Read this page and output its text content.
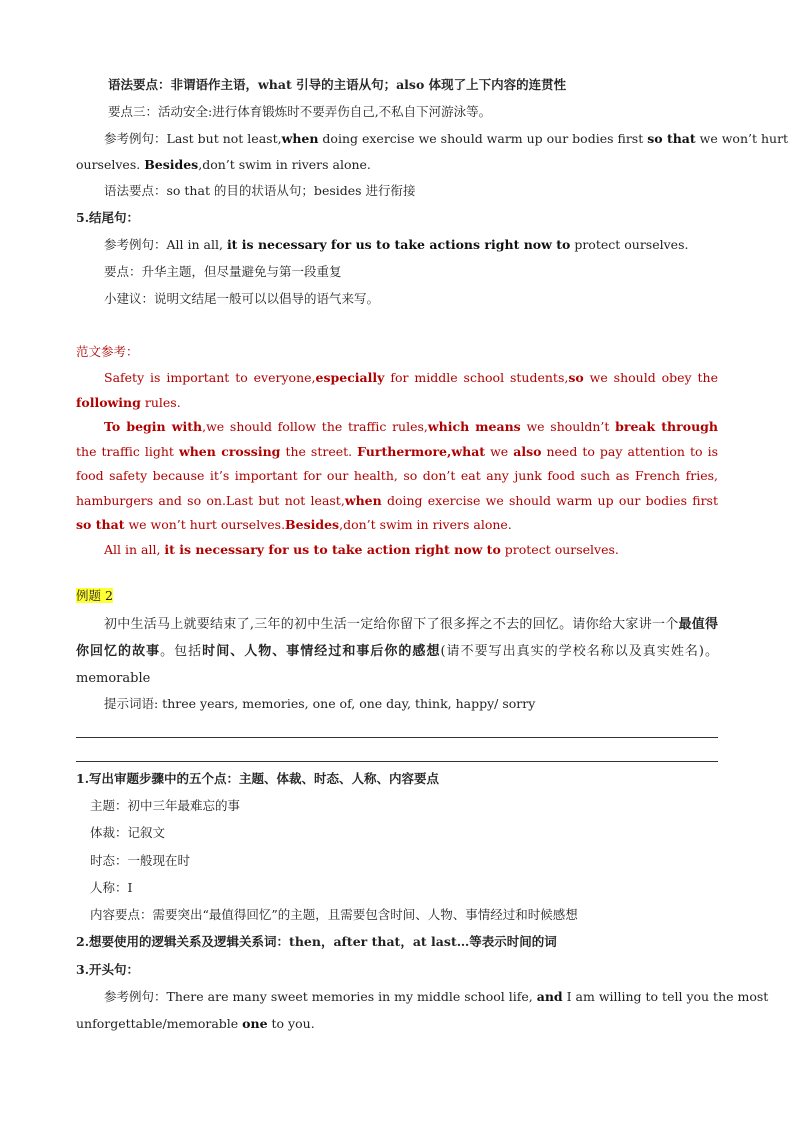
语法要点：非谓语作主语，what 引导的主语从句；also 体现了上下内容的连贯性
要点三：活动安全:进行体育锻炼时不要弄伤自己,不私自下河游泳等。
参考例句：Last but not least,when doing exercise we should warm up our bodies first so that we won’t hurt
ourselves. Besides,don’t swim in rivers alone.
语法要点：so that 的目的状语从句；besides 进行衔接
5.结尾句：
参考例句：All in all, it is necessary for us to take actions right now to protect ourselves.
要点：升华主题，但尽量避免与第一段重复
小建议：说明文结尾一般可以以倡导的语气来写。
范文参考：

Safety is important to everyone,especially for middle school students,so we should obey the following rules.

To begin with,we should follow the traffic rules,which means we shouldn’t break through the traffic light when crossing the street. Furthermore,what we also need to pay attention to is food safety because it’s important for our health, so don’t eat any junk food such as French fries, hamburgers and so on.Last but not least,when doing exercise we should warm up our bodies first so that we won’t hurt ourselves.Besides,don’t swim in rivers alone.

All in all, it is necessary for us to take action right now to protect ourselves.

例题 2

初中生活马上就要结束了,三年的初中生活一定给你留下了很多挥之不去的回忆。请你给大家讲一个最值得你回忆的故事。包括时间、人物、事情经过和事后你的感想(请不要写出真实的学校名称以及真实姓名)。memorable

提示词语: three years, memories, one of, one day, think, happy/ sorry
1.写出审题步骤中的五个点：主题、体裁、时态、人称、内容要点
主题：初中三年最难忘的事
体裁：记叙文
时态：一般现在时
人称：I
内容要点：需要突出“最值得回忆”的主题，且需要包含时间、人物、事情经过和时候感想
2.想要使用的逻辑关系及逻辑关系词：then，after that，at last…等表示时间的词
3.开头句：
参考例句：There are many sweet memories in my middle school life, and I am willing to tell you the most
unforgettable/memorable one to you.
